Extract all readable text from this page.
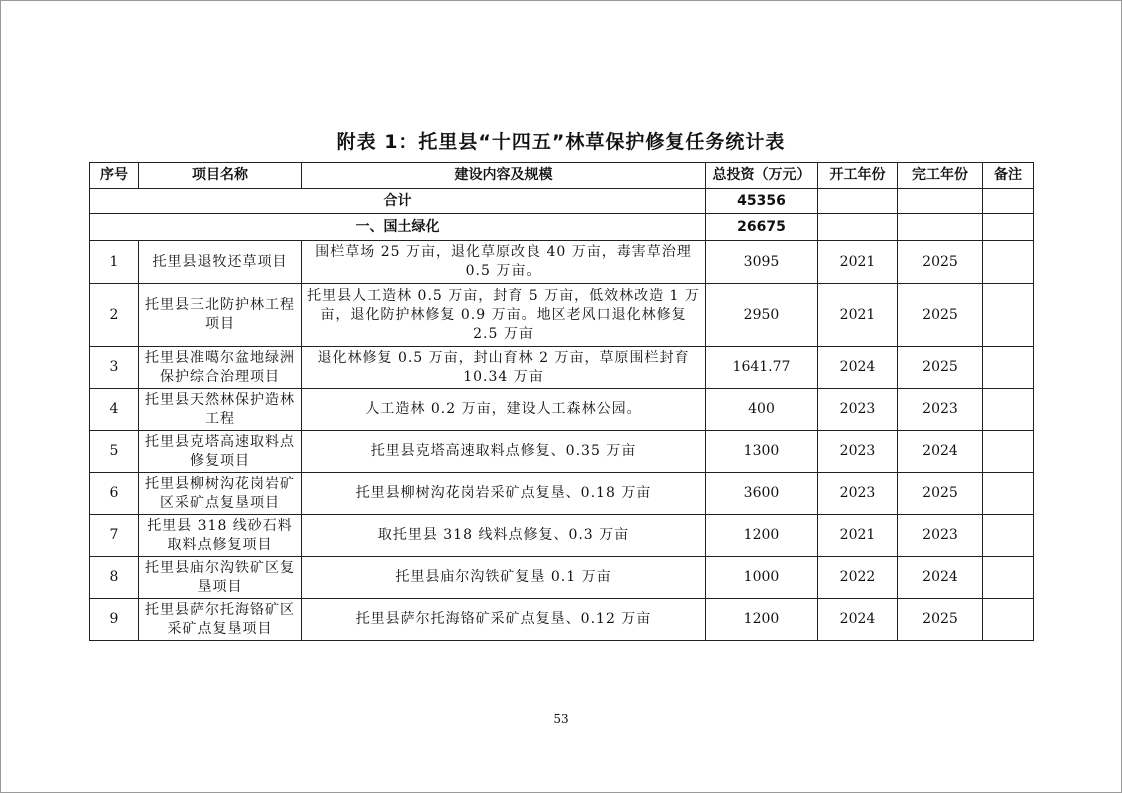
附表 1：托里县“十四五”林草保护修复任务统计表
序号	项目名称	建设内容及规模	总投资（万元）	开工年份	完工年份	备注
合计			45356			
一、国土绿化			26675			
1	托里县退牧还草项目	围栏草场 25 万亩，退化草原改良 40 万亩，毒害草治理 0.5 万亩。	3095	2021	2025	
2	托里县三北防护林工程项目	托里县人工造林 0.5 万亩，封育 5 万亩，低效林改造 1 万亩，退化防护林修复 0.9 万亩。地区老风口退化林修复 2.5 万亩	2950	2021	2025	
3	托里县准噶尔盆地绿洲保护综合治理项目	退化林修复 0.5 万亩，封山育林 2 万亩，草原围栏封育 10.34 万亩	1641.77	2024	2025	
4	托里县天然林保护造林工程	人工造林 0.2 万亩，建设人工森林公园。	400	2023	2023	
5	托里县克塔高速取料点修复项目	托里县克塔高速取料点修复、0.35 万亩	1300	2023	2024	
6	托里县柳树沟花岗岩矿区采矿点复垦项目	托里县柳树沟花岗岩采矿点复垦、0.18 万亩	3600	2023	2025	
7	托里县 318 线砂石料取料点修复项目	取托里县 318 线料点修复、0.3 万亩	1200	2021	2023	
8	托里县庙尔沟铁矿区复垦项目	托里县庙尔沟铁矿复垦 0.1 万亩	1000	2022	2024	
9	托里县萨尔托海铬矿区采矿点复垦项目	托里县萨尔托海铬矿采矿点复垦、0.12 万亩	1200	2024	2025	
53
